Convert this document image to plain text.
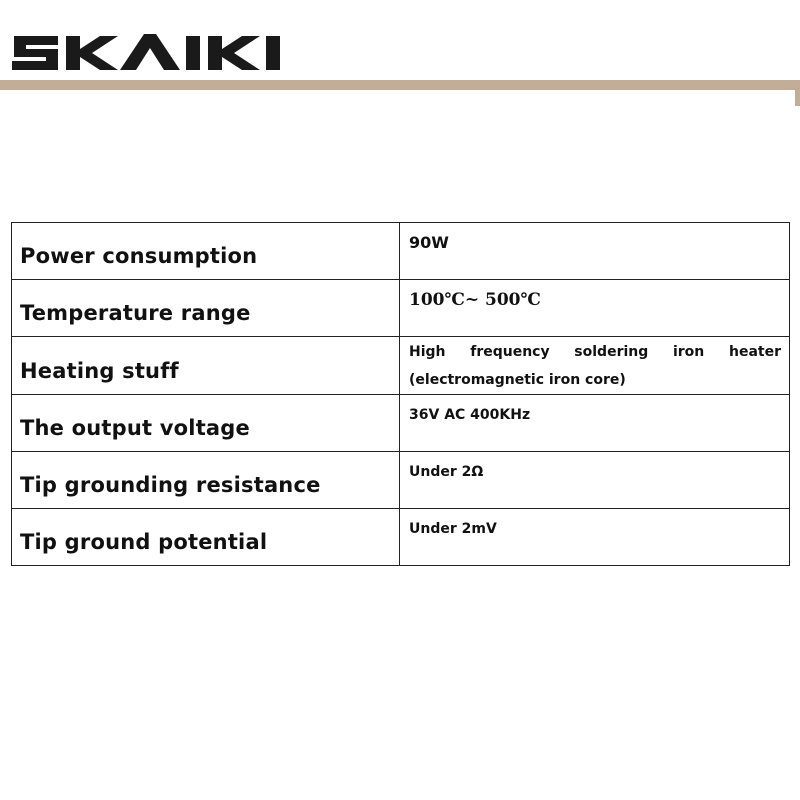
Power consumption	90W

Temperature range	100℃~ 500℃

Heating stuff	High frequency soldering iron heater (electromagnetic iron core)

The output voltage	36V AC 400KHz

Tip grounding resistance	Under 2Ω

Tip ground potential	Under 2mV
